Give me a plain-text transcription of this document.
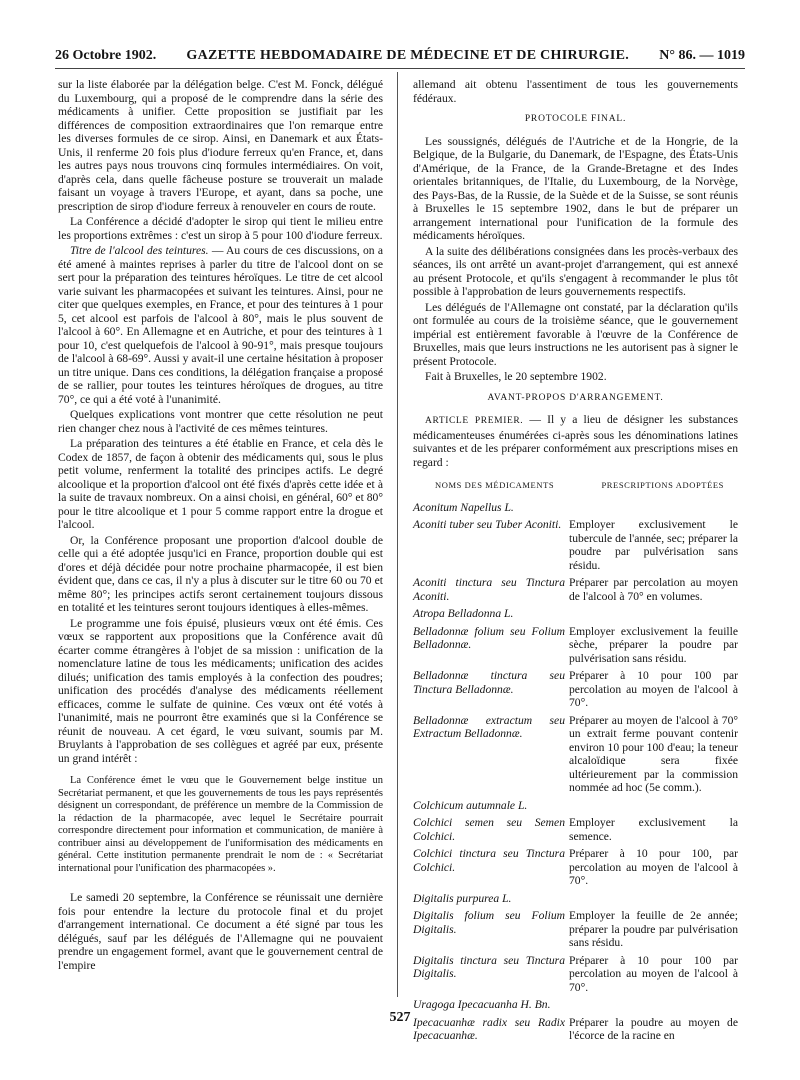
26 Octobre 1902. GAZETTE HEBDOMADAIRE DE MÉDECINE ET DE CHIRURGIE. N° 86. — 1019

sur la liste élaborée par la délégation belge. C'est M. Fonck, délégué du Luxembourg, qui a proposé de le comprendre dans la série des médicaments à unifier. Cette proposition se justifiait par les différences de composition extraordinaires que l'on remarque entre les diverses formules de ce sirop. Ainsi, en Danemark et aux États-Unis, il renferme 20 fois plus d'iodure ferreux qu'en France, et, dans les autres pays nous trouvons cinq formules intermédiaires. On voit, d'après cela, dans quelle fâcheuse posture se trouverait un malade faisant un voyage à travers l'Europe, et ayant, dans sa poche, une prescription de sirop d'iodure ferreux à renouveler en cours de route.

La Conférence a décidé d'adopter le sirop qui tient le milieu entre les proportions extrêmes : c'est un sirop à 5 pour 100 d'iodure ferreux.

Titre de l'alcool des teintures. — Au cours de ces discussions, on a été amené à maintes reprises à parler du titre de l'alcool dont on se sert pour la préparation des teintures héroïques. Le titre de cet alcool varie suivant les pharmacopées et suivant les teintures. Ainsi, pour ne citer que quelques exemples, en France, et pour des teintures à 1 pour 5, cet alcool est parfois de l'alcool à 80°, mais le plus souvent de l'alcool à 60°. En Allemagne et en Autriche, et pour des teintures à 1 pour 10, c'est quelquefois de l'alcool à 90-91°, mais presque toujours de l'alcool à 68-69°. Aussi y avait-il une certaine hésitation à proposer un titre unique. Dans ces conditions, la délégation française a proposé de se rallier, pour toutes les teintures héroïques de drogues, au titre 70°, ce qui a été voté à l'unanimité.

Quelques explications vont montrer que cette résolution ne peut rien changer chez nous à l'activité de ces mêmes teintures.

La préparation des teintures a été établie en France, et cela dès le Codex de 1857, de façon à obtenir des médicaments qui, sous le plus petit volume, renferment la totalité des principes actifs. Le degré alcoolique et la proportion d'alcool ont été fixés d'après cette idée et à la suite de travaux nombreux. On a ainsi choisi, en général, 60° et 80° pour le titre alcoolique et 1 pour 5 comme rapport entre la drogue et l'alcool.

Or, la Conférence proposant une proportion d'alcool double de celle qui a été adoptée jusqu'ici en France, proportion double qui est d'ores et déjà décidée pour notre prochaine pharmacopée, il est bien évident que, dans ce cas, il n'y a plus à discuter sur le titre 60 ou 70 et même 80°; les principes actifs seront certainement toujours dissous en totalité et les teintures seront toujours identiques à elles-mêmes.

Le programme une fois épuisé, plusieurs vœux ont été émis. Ces vœux se rapportent aux propositions que la Conférence avait dû écarter comme étrangères à l'objet de sa mission : unification de la nomenclature latine de tous les médicaments; unification des acides dilués; unification des tamis employés à la confection des poudres; unification des procédés d'analyse des médicaments réellement efficaces, comme le sulfate de quinine. Ces vœux ont été votés à l'unanimité, mais ne pourront être examinés que si la Conférence se réunit de nouveau. A cet égard, le vœu suivant, soumis par M. Bruylants à l'approbation de ses collègues et agréé par eux, présente un grand intérêt :

La Conférence émet le vœu que le Gouvernement belge institue un Secrétariat permanent, et que les gouvernements de tous les pays représentés désignent un correspondant, de préférence un membre de la Commission de la rédaction de la pharmacopée, avec lequel le Secrétaire pourrait correspondre directement pour information et communication, de manière à contribuer ainsi au développement de l'uniformisation des médicaments en général. Cette institution permanente prendrait le nom de : « Secrétariat international pour l'unification des pharmacopées ».

Le samedi 20 septembre, la Conférence se réunissait une dernière fois pour entendre la lecture du protocole final et du projet d'arrangement international. Ce document a été signé par tous les délégués, sauf par les délégués de l'Allemagne qui ne pouvaient prendre un engagement formel, avant que le gouvernement central de l'empire

allemand ait obtenu l'assentiment de tous les gouvernements fédéraux.

PROTOCOLE FINAL.

Les soussignés, délégués de l'Autriche et de la Hongrie, de la Belgique, de la Bulgarie, du Danemark, de l'Espagne, des États-Unis d'Amérique, de la France, de la Grande-Bretagne et des Indes orientales britanniques, de l'Italie, du Luxembourg, de la Norvège, des Pays-Bas, de la Russie, de la Suède et de la Suisse, se sont réunis à Bruxelles le 15 septembre 1902, dans le but de préparer un arrangement international pour l'unification de la formule des médicaments héroïques.

A la suite des délibérations consignées dans les procès-verbaux des séances, ils ont arrêté un avant-projet d'arrangement, qui est annexé au présent Protocole, et qu'ils s'engagent à recommander le plus tôt possible à l'approbation de leurs gouvernements respectifs.

Les délégués de l'Allemagne ont constaté, par la déclaration qu'ils ont formulée au cours de la troisième séance, que le gouvernement impérial est entièrement favorable à l'œuvre de la Conférence de Bruxelles, mais que leurs instructions ne les autorisent pas à signer le présent Protocole.

Fait à Bruxelles, le 20 septembre 1902.

AVANT-PROPOS D'ARRANGEMENT.

ARTICLE PREMIER. — Il y a lieu de désigner les substances médicamenteuses énumérées ci-après sous les dénominations latines suivantes et de les préparer conformément aux prescriptions mises en regard :

NOMS DES MÉDICAMENTS	PRESCRIPTIONS ADOPTÉES
Aconitum Napellus L.	
Aconiti tuber seu Tuber Aconiti.	Employer exclusivement le tubercule de l'année, sec; préparer la poudre par pulvérisation sans résidu.
Aconiti tinctura seu Tinctura Aconiti.	Préparer par percolation au moyen de l'alcool à 70° en volumes.
Atropa Belladonna L.	
Belladonnæ folium seu Folium Belladonnæ.	Employer exclusivement la feuille sèche, préparer la poudre par pulvérisation sans résidu.
Belladonnæ tinctura seu Tinctura Belladonnæ.	Préparer à 10 pour 100 par percolation au moyen de l'alcool à 70°.
Belladonnæ extractum seu Extractum Belladonnæ.	Préparer au moyen de l'alcool à 70° un extrait ferme pouvant contenir environ 10 pour 100 d'eau; la teneur alcaloïdique sera fixée ultérieurement par la commission nommée ad hoc (5e comm.).
Colchicum autumnale L.	
Colchici semen seu Semen Colchici.	Employer exclusivement la semence.
Colchici tinctura seu Tinctura Colchici.	Préparer à 10 pour 100, par percolation au moyen de l'alcool à 70°.
Digitalis purpurea L.	
Digitalis folium seu Folium Digitalis.	Employer la feuille de 2e année; préparer la poudre par pulvérisation sans résidu.
Digitalis tinctura seu Tinctura Digitalis.	Préparer à 10 pour 100 par percolation au moyen de l'alcool à 70°.
Uragoga Ipecacuanha H. Bn.	
Ipecacuanhæ radix seu Radix Ipecacuanhæ.	Préparer la poudre au moyen de l'écorce de la racine en
527
